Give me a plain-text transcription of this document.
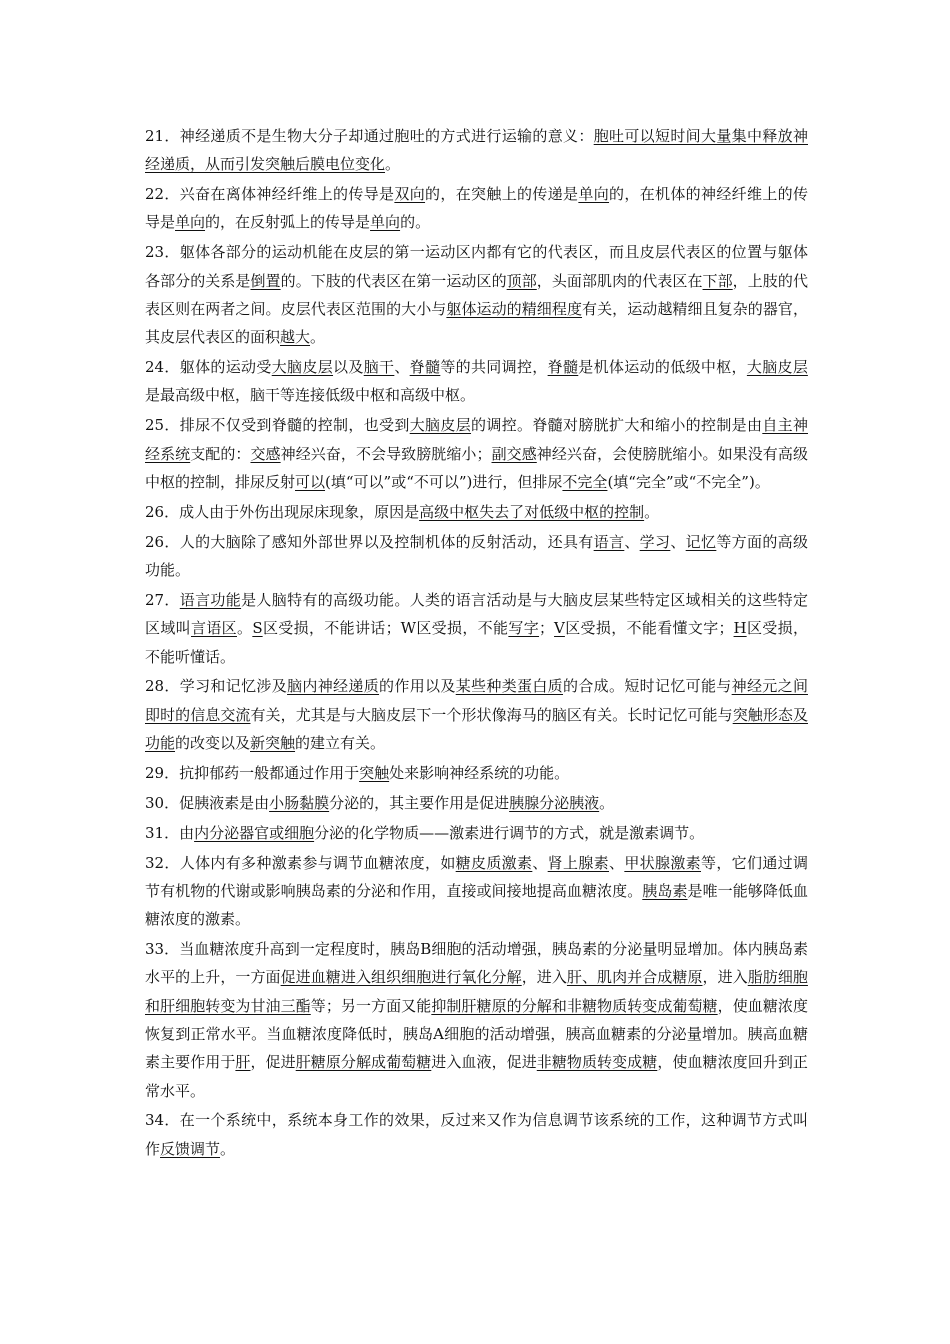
21．神经递质不是生物大分子却通过胞吐的方式进行运输的意义：胞吐可以短时间大量集中释放神经递质，从而引发突触后膜电位变化。

22．兴奋在离体神经纤维上的传导是双向的，在突触上的传递是单向的，在机体的神经纤维上的传导是单向的，在反射弧上的传导是单向的。

23．躯体各部分的运动机能在皮层的第一运动区内都有它的代表区，而且皮层代表区的位置与躯体各部分的关系是倒置的。下肢的代表区在第一运动区的顶部，头面部肌肉的代表区在下部，上肢的代表区则在两者之间。皮层代表区范围的大小与躯体运动的精细程度有关，运动越精细且复杂的器官，其皮层代表区的面积越大。

24．躯体的运动受大脑皮层以及脑干、脊髓等的共同调控，脊髓是机体运动的低级中枢，大脑皮层是最高级中枢，脑干等连接低级中枢和高级中枢。

25．排尿不仅受到脊髓的控制，也受到大脑皮层的调控。脊髓对膀胱扩大和缩小的控制是由自主神经系统支配的：交感神经兴奋，不会导致膀胱缩小；副交感神经兴奋，会使膀胱缩小。如果没有高级中枢的控制，排尿反射可以(填“可以”或“不可以”)进行，但排尿不完全(填“完全”或“不完全”)。

26．成人由于外伤出现尿床现象，原因是高级中枢失去了对低级中枢的控制。

26．人的大脑除了感知外部世界以及控制机体的反射活动，还具有语言、学习、记忆等方面的高级功能。

27．语言功能是人脑特有的高级功能。人类的语言活动是与大脑皮层某些特定区域相关的这些特定区域叫言语区。S区受损，不能讲话；W区受损，不能写字；V区受损，不能看懂文字；H区受损，不能听懂话。

28．学习和记忆涉及脑内神经递质的作用以及某些种类蛋白质的合成。短时记忆可能与神经元之间即时的信息交流有关，尤其是与大脑皮层下一个形状像海马的脑区有关。长时记忆可能与突触形态及功能的改变以及新突触的建立有关。

29．抗抑郁药一般都通过作用于突触处来影响神经系统的功能。

30．促胰液素是由小肠黏膜分泌的，其主要作用是促进胰腺分泌胰液。

31．由内分泌器官或细胞分泌的化学物质——激素进行调节的方式，就是激素调节。

32．人体内有多种激素参与调节血糖浓度，如糖皮质激素、肾上腺素、甲状腺激素等，它们通过调节有机物的代谢或影响胰岛素的分泌和作用，直接或间接地提高血糖浓度。胰岛素是唯一能够降低血糖浓度的激素。

33．当血糖浓度升高到一定程度时，胰岛B细胞的活动增强，胰岛素的分泌量明显增加。体内胰岛素水平的上升，一方面促进血糖进入组织细胞进行氧化分解，进入肝、肌肉并合成糖原，进入脂肪细胞和肝细胞转变为甘油三酯等；另一方面又能抑制肝糖原的分解和非糖物质转变成葡萄糖，使血糖浓度恢复到正常水平。当血糖浓度降低时，胰岛A细胞的活动增强，胰高血糖素的分泌量增加。胰高血糖素主要作用于肝，促进肝糖原分解成葡萄糖进入血液，促进非糖物质转变成糖，使血糖浓度回升到正常水平。

34．在一个系统中，系统本身工作的效果，反过来又作为信息调节该系统的工作，这种调节方式叫作反馈调节。
